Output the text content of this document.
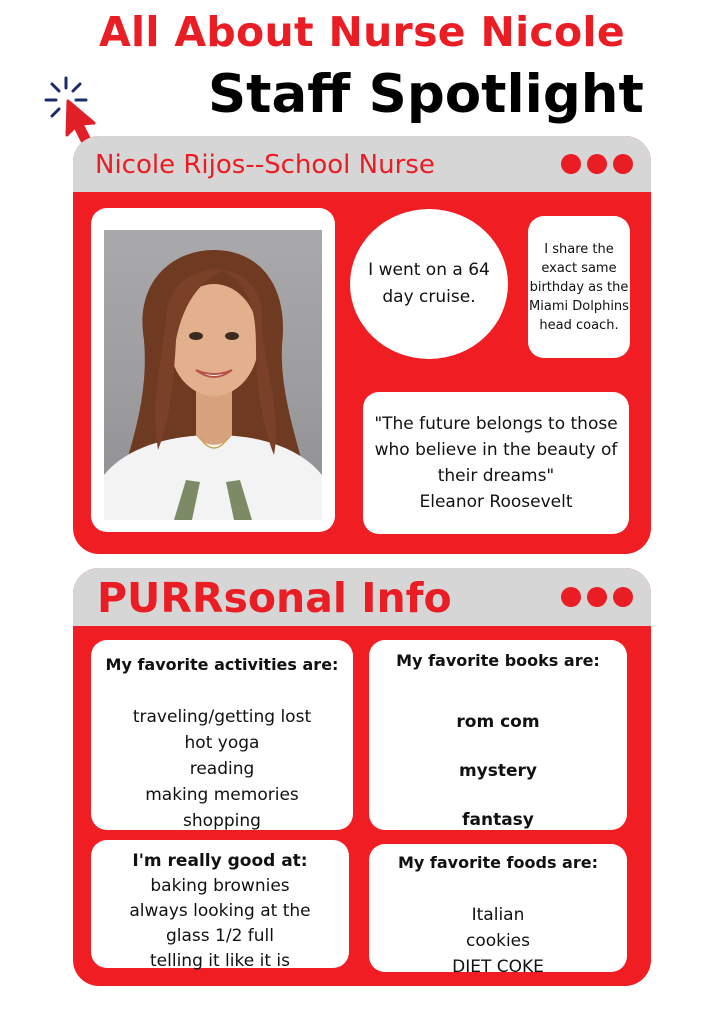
All About Nurse Nicole
Staff Spotlight
Nicole Rijos--School Nurse
I went on a 64 day cruise.
I share the exact same birthday as the Miami Dolphins head coach.
"The future belongs to those who believe in the beauty of their dreams"
Eleanor Roosevelt
PURRsonal Info
My favorite activities are:
traveling/getting lost
hot yoga
reading
making memories
shopping
My favorite books are:
rom com
mystery
fantasy
I'm really good at:
baking brownies
always looking at the glass 1/2 full
telling it like it is
My favorite foods are:
Italian
cookies
DIET COKE
